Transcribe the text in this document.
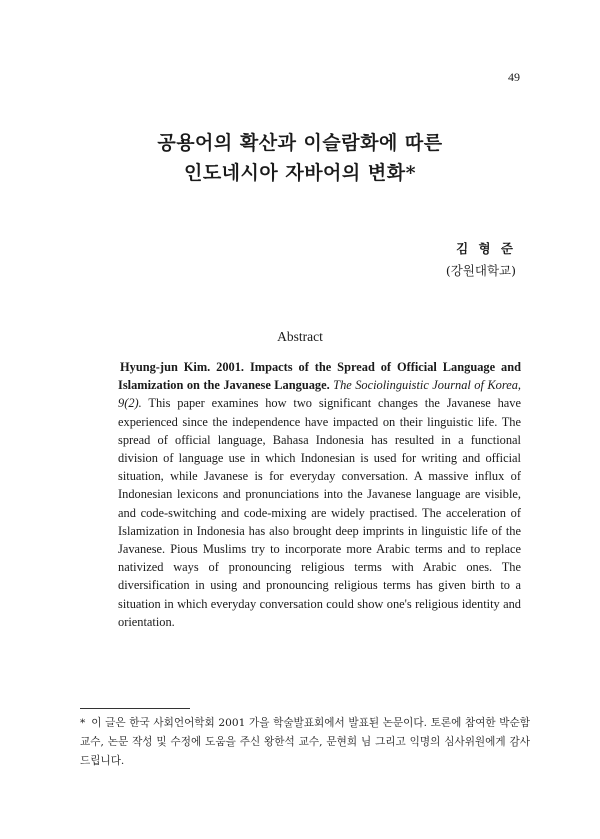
49
공용어의 확산과 이슬람화에 따른
인도네시아 자바어의 변화*
김 형 준
(강원대학교)
Abstract
Hyung-jun Kim. 2001. Impacts of the Spread of Official Language and Islamization on the Javanese Language. The Sociolinguistic Journal of Korea, 9(2). This paper examines how two significant changes the Javanese have experienced since the independence have impacted on their linguistic life. The spread of official language, Bahasa Indonesia has resulted in a functional division of language use in which Indonesian is used for writing and official situation, while Javanese is for everyday conversation. A massive influx of Indonesian lexicons and pronunciations into the Javanese language are visible, and code-switching and code-mixing are widely practised. The acceleration of Islamization in Indonesia has also brought deep imprints in linguistic life of the Javanese. Pious Muslims try to incorporate more Arabic terms and to replace nativized ways of pronouncing religious terms with Arabic ones. The diversification in using and pronouncing religious terms has given birth to a situation in which everyday conversation could show one's religious identity and orientation.
* 이 글은 한국 사회언어학회 2001 가을 학술발표회에서 발표된 논문이다. 토론에 참여한 박순함 교수, 논문 작성 및 수정에 도움을 주신 왕한석 교수, 문현희 님 그리고 익명의 심사위원에게 감사드립니다.
